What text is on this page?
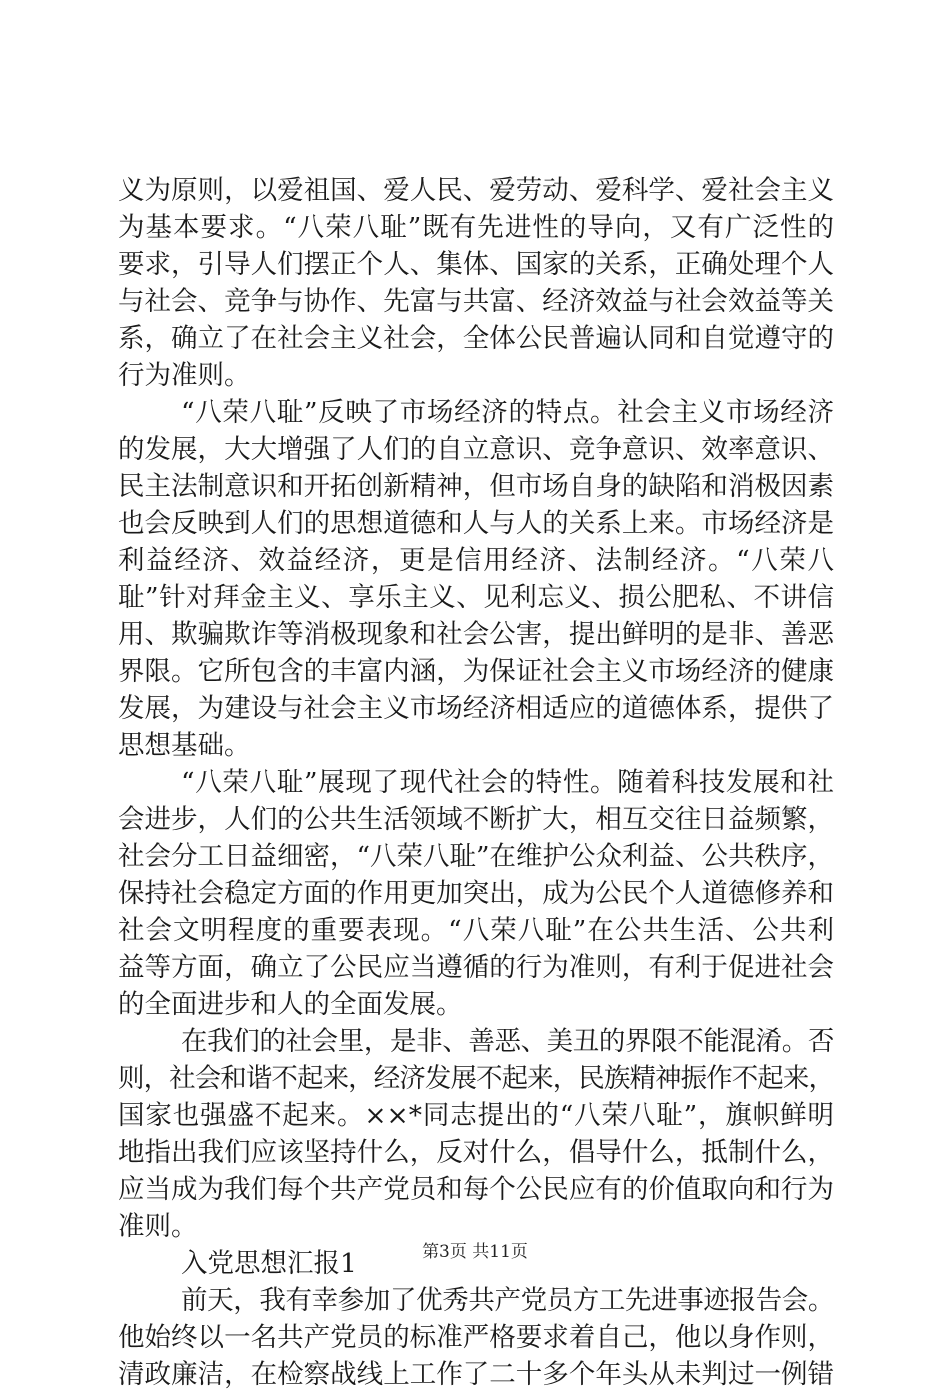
义为原则，以爱祖国、爱人民、爱劳动、爱科学、爱社会主义
为基本要求。“八荣八耻”既有先进性的导向，又有广泛性的
要求，引导人们摆正个人、集体、国家的关系，正确处理个人
与社会、竞争与协作、先富与共富、经济效益与社会效益等关
系，确立了在社会主义社会，全体公民普遍认同和自觉遵守的
行为准则。
“八荣八耻”反映了市场经济的特点。社会主义市场经济
的发展，大大增强了人们的自立意识、竞争意识、效率意识、
民主法制意识和开拓创新精神，但市场自身的缺陷和消极因素
也会反映到人们的思想道德和人与人的关系上来。市场经济是
利益经济、效益经济，更是信用经济、法制经济。“八荣八
耻”针对拜金主义、享乐主义、见利忘义、损公肥私、不讲信
用、欺骗欺诈等消极现象和社会公害，提出鲜明的是非、善恶
界限。它所包含的丰富内涵，为保证社会主义市场经济的健康
发展，为建设与社会主义市场经济相适应的道德体系，提供了
思想基础。
“八荣八耻”展现了现代社会的特性。随着科技发展和社
会进步，人们的公共生活领域不断扩大，相互交往日益频繁，
社会分工日益细密，“八荣八耻”在维护公众利益、公共秩序，
保持社会稳定方面的作用更加突出，成为公民个人道德修养和
社会文明程度的重要表现。“八荣八耻”在公共生活、公共利
益等方面，确立了公民应当遵循的行为准则，有利于促进社会
的全面进步和人的全面发展。
在我们的社会里，是非、善恶、美丑的界限不能混淆。否
则，社会和谐不起来，经济发展不起来，民族精神振作不起来，
国家也强盛不起来。××*同志提出的“八荣八耻”，旗帜鲜明
地指出我们应该坚持什么，反对什么，倡导什么，抵制什么，
应当成为我们每个共产党员和每个公民应有的价值取向和行为
准则。
入党思想汇报1
前天，我有幸参加了优秀共产党员方工先进事迹报告会。
他始终以一名共产党员的标准严格要求着自己，他以身作则，
清政廉洁，在检察战线上工作了二十多个年头从未判过一例错
第3页 共11页
